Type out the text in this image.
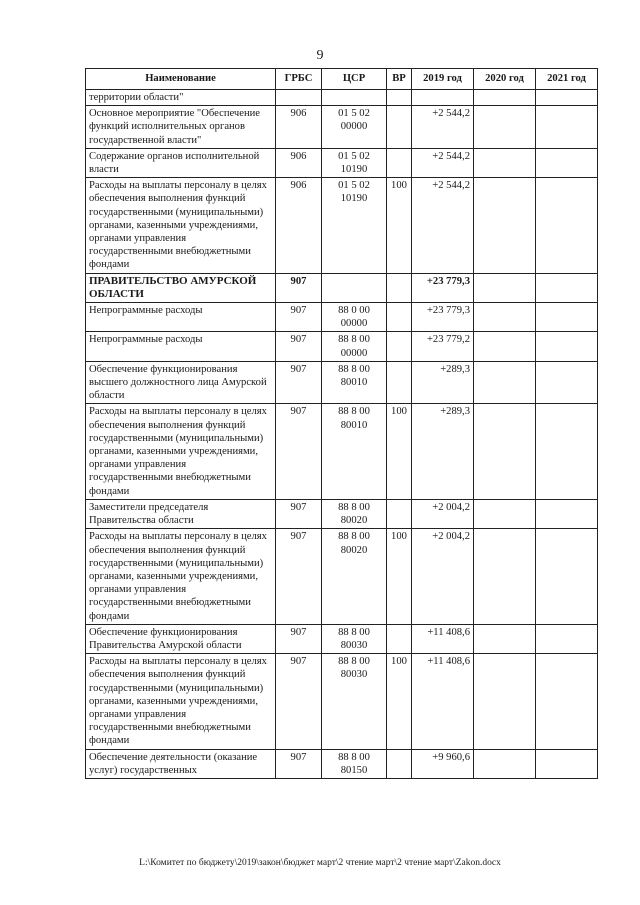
9
Наименование	ГРБС	ЦСР	ВР	2019 год	2020 год	2021 год
территории области"						
Основное мероприятие "Обеспечение функций исполнительных органов государственной власти"	906	01 5 02 00000		+2 544,2		
Содержание органов исполнительной власти	906	01 5 02 10190		+2 544,2		
Расходы на выплаты персоналу в целях обеспечения выполнения функций государственными (муниципальными) органами, казенными учреждениями, органами управления государственными внебюджетными фондами	906	01 5 02 10190	100	+2 544,2		
ПРАВИТЕЛЬСТВО АМУРСКОЙ ОБЛАСТИ	907			+23 779,3		
Непрограммные расходы	907	88 0 00 00000		+23 779,3		
Непрограммные расходы	907	88 8 00 00000		+23 779,2		
Обеспечение функционирования высшего должностного лица Амурской области	907	88 8 00 80010		+289,3		
Расходы на выплаты персоналу в целях обеспечения выполнения функций государственными (муниципальными) органами, казенными учреждениями, органами управления государственными внебюджетными фондами	907	88 8 00 80010	100	+289,3		
Заместители председателя Правительства области	907	88 8 00 80020		+2 004,2		
Расходы на выплаты персоналу в целях обеспечения выполнения функций государственными (муниципальными) органами, казенными учреждениями, органами управления государственными внебюджетными фондами	907	88 8 00 80020	100	+2 004,2		
Обеспечение функционирования Правительства Амурской области	907	88 8 00 80030		+11 408,6		
Расходы на выплаты персоналу в целях обеспечения выполнения функций государственными (муниципальными) органами, казенными учреждениями, органами управления государственными внебюджетными фондами	907	88 8 00 80030	100	+11 408,6		
Обеспечение деятельности (оказание услуг) государственных	907	88 8 00 80150		+9 960,6		
L:\Комитет по бюджету\2019\закон\бюджет март\2 чтение март\2 чтение март\Zakon.docx
